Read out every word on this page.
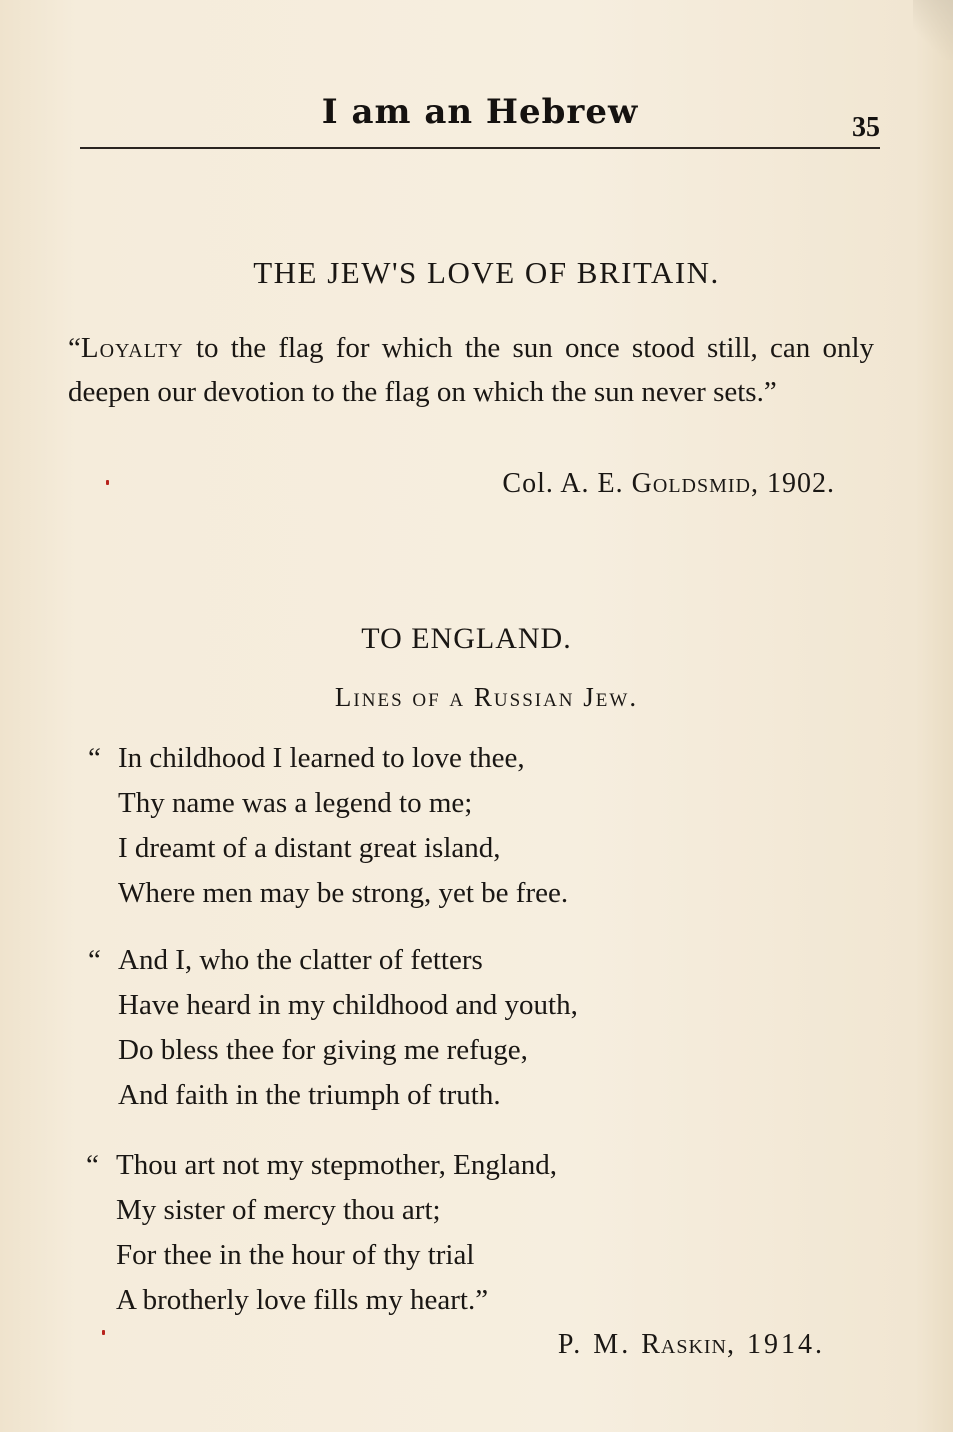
I am an Hebrew	35
THE JEW'S LOVE OF BRITAIN.
“Loyalty to the flag for which the sun once stood still, can only deepen our devotion to the flag on which the sun never sets.”
Col. A. E. Goldsmid, 1902.
TO ENGLAND.
Lines of a Russian Jew.
“ In childhood I learned to love thee,
Thy name was a legend to me;
I dreamt of a distant great island,
Where men may be strong, yet be free.
“ And I, who the clatter of fetters
Have heard in my childhood and youth,
Do bless thee for giving me refuge,
And faith in the triumph of truth.
“ Thou art not my stepmother, England,
My sister of mercy thou art;
For thee in the hour of thy trial
A brotherly love fills my heart.”
P. M. Raskin, 1914.
